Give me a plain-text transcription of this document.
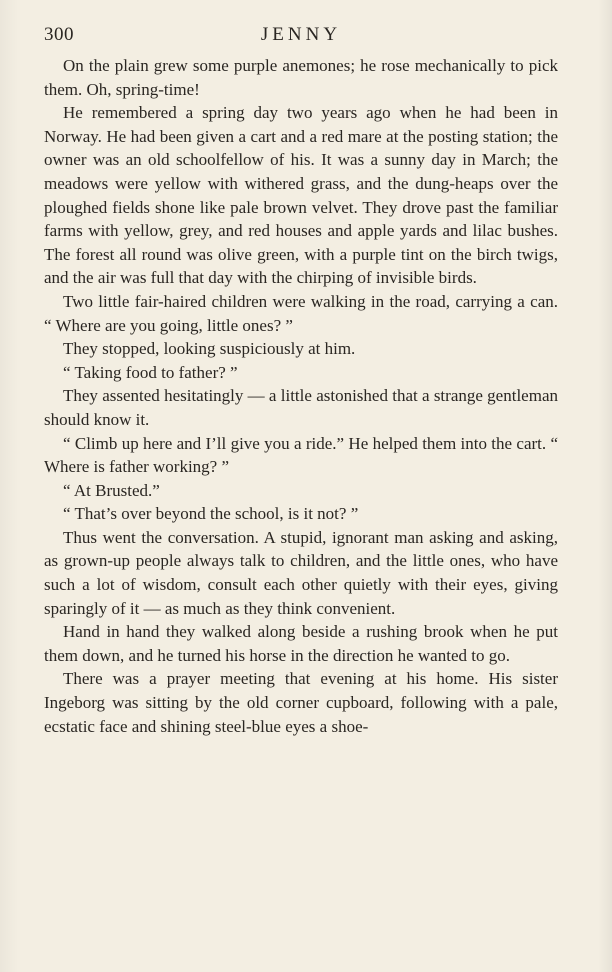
300	JENNY

On the plain grew some purple anemones; he rose mechanically to pick them. Oh, spring-time!

He remembered a spring day two years ago when he had been in Norway. He had been given a cart and a red mare at the posting station; the owner was an old schoolfellow of his. It was a sunny day in March; the meadows were yellow with withered grass, and the dung-heaps over the ploughed fields shone like pale brown velvet. They drove past the familiar farms with yellow, grey, and red houses and apple yards and lilac bushes. The forest all round was olive green, with a purple tint on the birch twigs, and the air was full that day with the chirping of invisible birds.

Two little fair-haired children were walking in the road, carrying a can. “ Where are you going, little ones? ”

They stopped, looking suspiciously at him.

“ Taking food to father? ”

They assented hesitatingly — a little astonished that a strange gentleman should know it.

“ Climb up here and I’ll give you a ride.” He helped them into the cart. “ Where is father working? ”

“ At Brusted.”

“ That’s over beyond the school, is it not? ”

Thus went the conversation. A stupid, ignorant man asking and asking, as grown-up people always talk to children, and the little ones, who have such a lot of wisdom, consult each other quietly with their eyes, giving sparingly of it — as much as they think convenient.

Hand in hand they walked along beside a rushing brook when he put them down, and he turned his horse in the direction he wanted to go.

There was a prayer meeting that evening at his home. His sister Ingeborg was sitting by the old corner cupboard, following with a pale, ecstatic face and shining steel-blue eyes a shoe-
